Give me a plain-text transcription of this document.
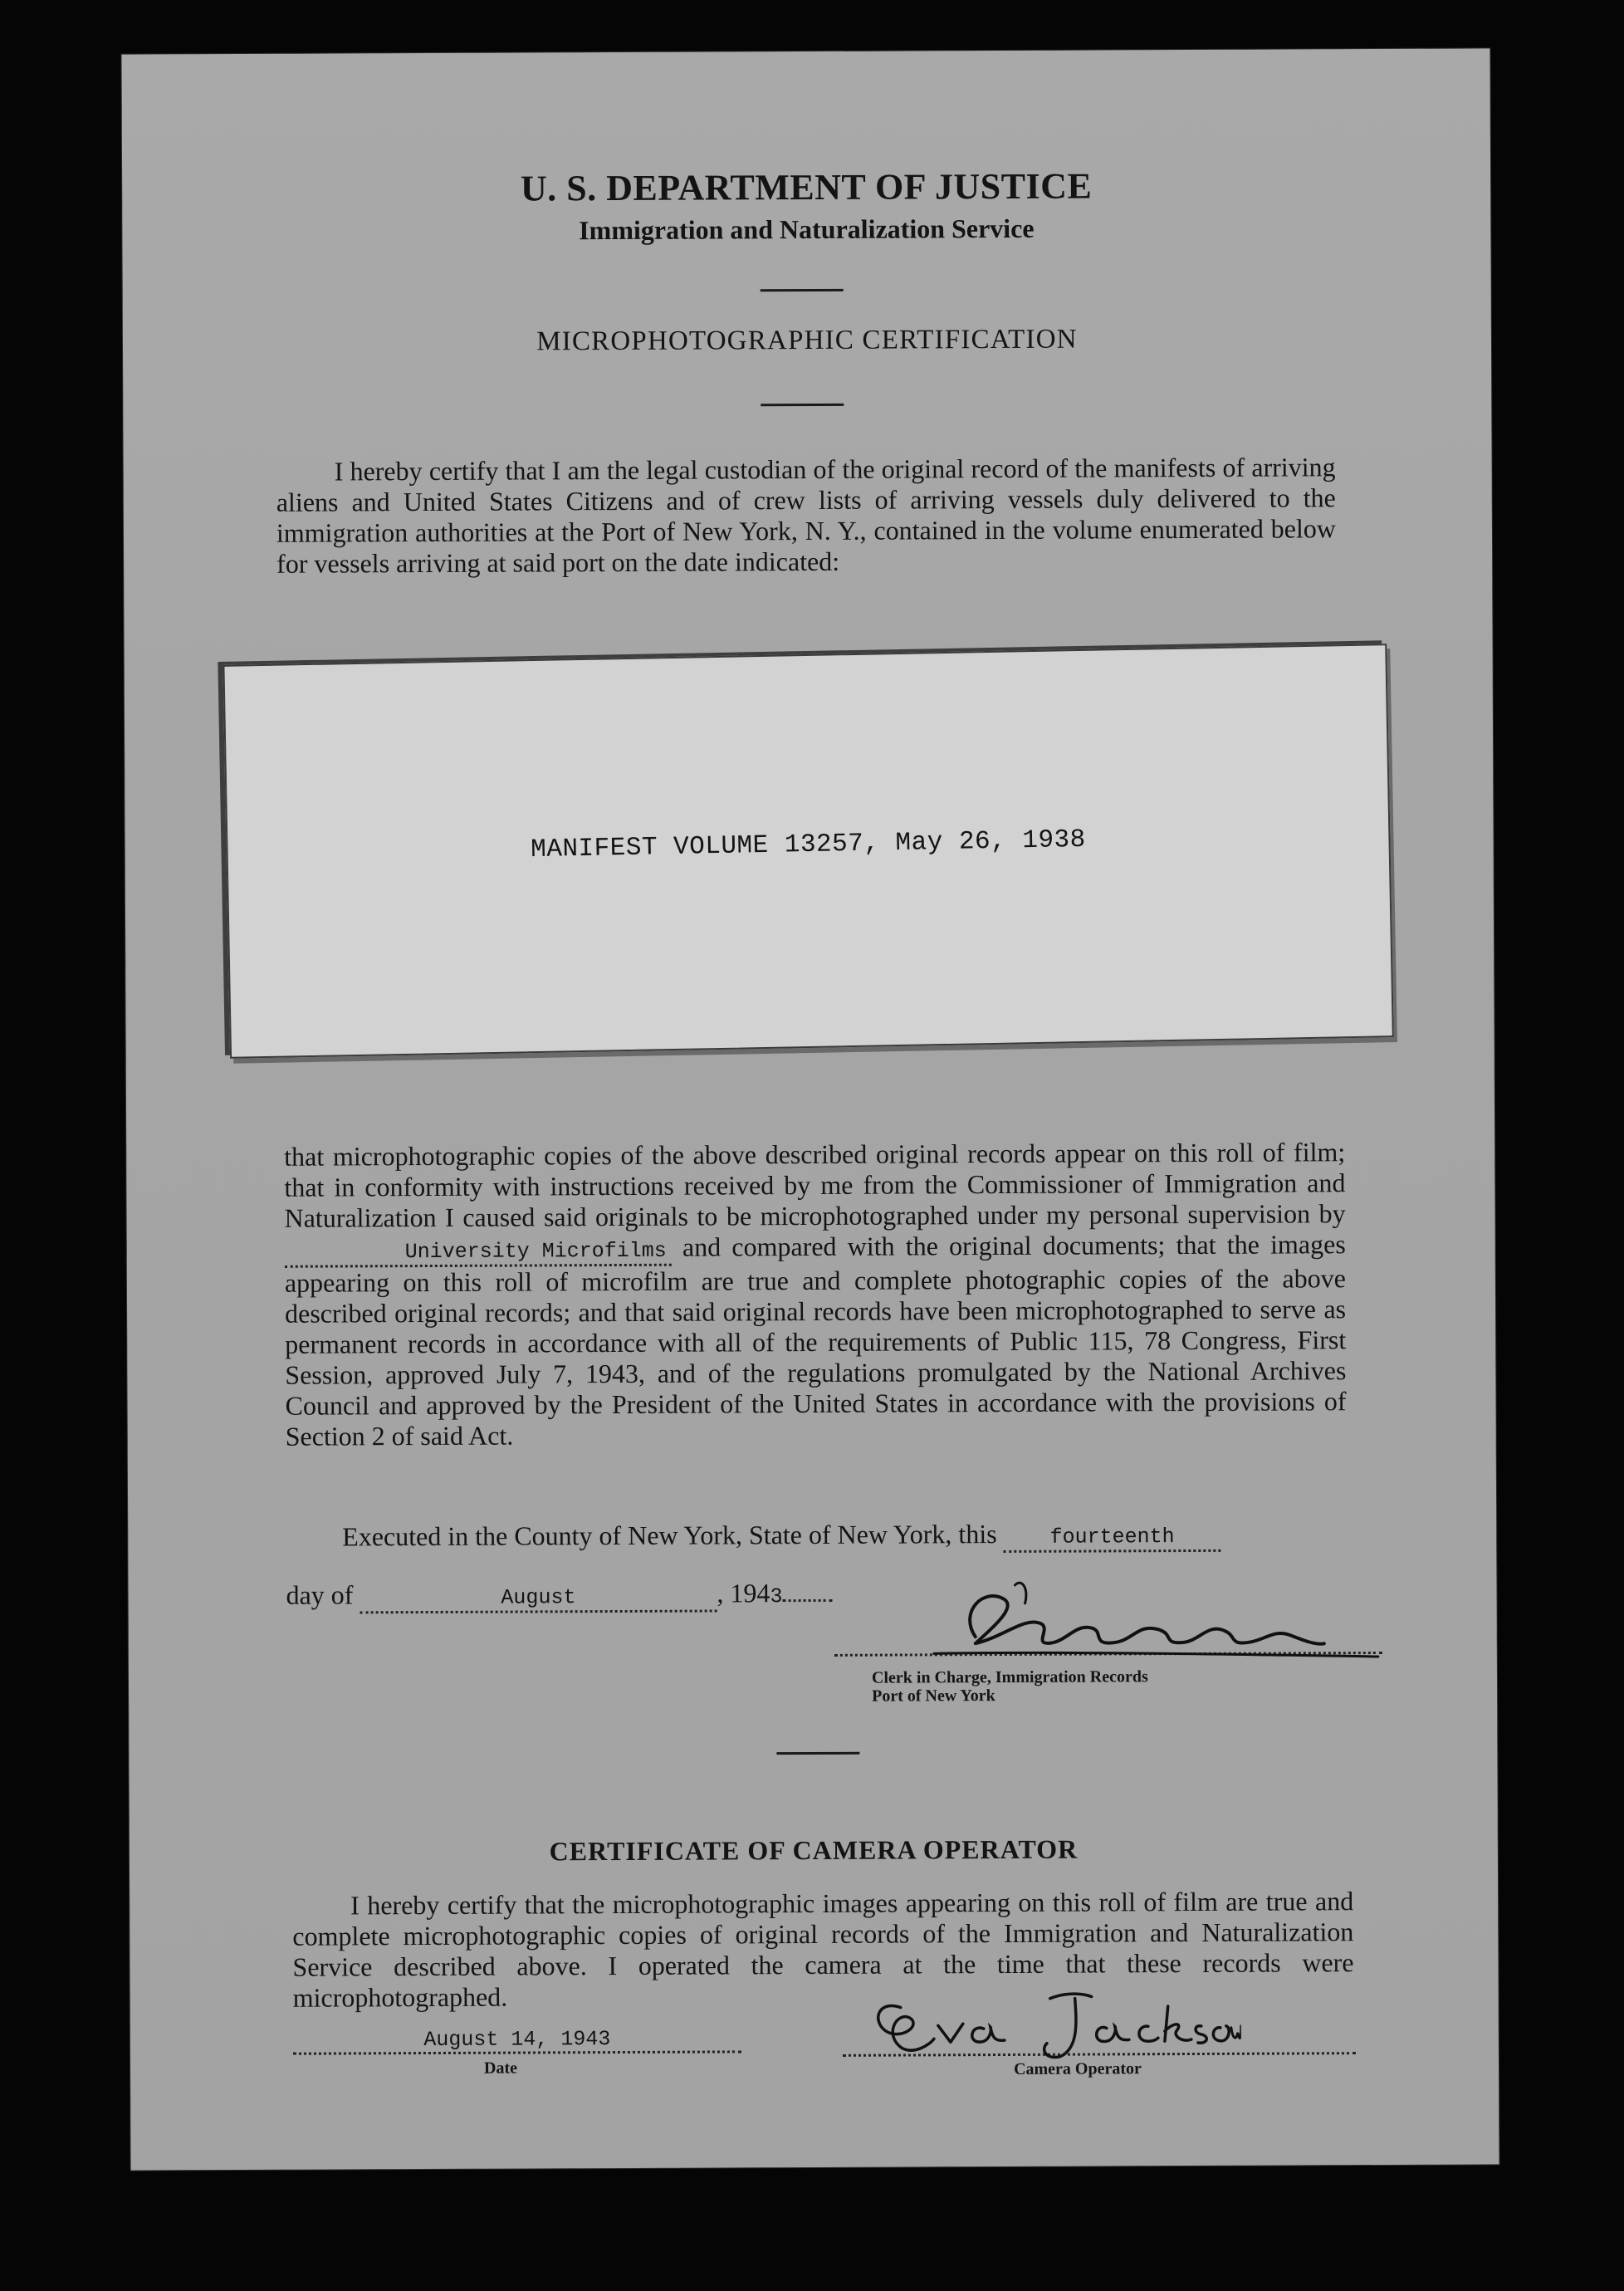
U. S. DEPARTMENT OF JUSTICE
Immigration and Naturalization Service
MICROPHOTOGRAPHIC CERTIFICATION

I hereby certify that I am the legal custodian of the original record of the manifests of arriving aliens and United States Citizens and of crew lists of arriving vessels duly delivered to the immigration authorities at the Port of New York, N. Y., contained in the volume enumerated below for vessels arriving at said port on the date indicated:

MANIFEST VOLUME 13257, May 26, 1938

that microphotographic copies of the above described original records appear on this roll of film; that in conformity with instructions received by me from the Commissioner of Immigration and Naturalization I caused said originals to be microphotographed under my personal supervision by University Microfilms and compared with the original documents; that the images appearing on this roll of microfilm are true and complete photographic copies of the above described original records; and that said original records have been microphotographed to serve as permanent records in accordance with all of the requirements of Public 115, 78 Congress, First Session, approved July 7, 1943, and of the regulations promulgated by the National Archives Council and approved by the President of the United States in accordance with the provisions of Section 2 of said Act.

Executed in the County of New York, State of New York, this	fourteenth
day of	August	, 1943
Clerk in Charge, Immigration Records
Port of New York
CERTIFICATE OF CAMERA OPERATOR

I hereby certify that the microphotographic images appearing on this roll of film are true and complete microphotographic copies of original records of the Immigration and Naturalization Service described above. I operated the camera at the time that these records were microphotographed.

August 14, 1943
Date	Camera Operator
